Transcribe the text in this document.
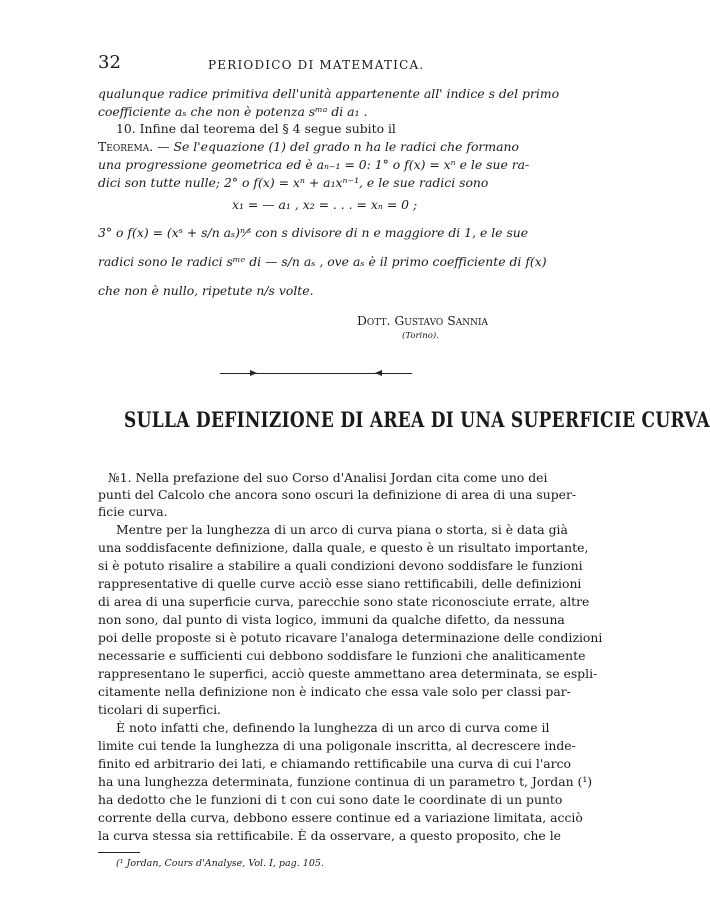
32	PERIODICO DI MATEMATICA.
qualunque radice primitiva dell'unità appartenente all' indice s del primo
coefficiente aₛ che non è potenza sᵐᵃ di a₁ .
10. Infine dal teorema del § 4 segue subito il
Teorema. — Se l'equazione (1) del grado n ha le radici che formano
una progressione geometrica ed è aₙ₋₁ = 0: 1° o f(x) = xⁿ e le sue ra-
dici son tutte nulle; 2° o f(x) = xⁿ + a₁xⁿ⁻¹, e le sue radici sono
x₁ = — a₁ , x₂ = . . . = xₙ = 0 ;
3° o f(x) = (xˢ + s/n aₛ)ⁿ⁄ˢ con s divisore di n e maggiore di 1, e le sue
radici sono le radici sᵐᵉ di — s/n aₛ , ove aₛ è il primo coefficiente di f(x)
che non è nullo, ripetute n/s volte.
Dott. Gustavo Sannia
(Torino).
SULLA DEFINIZIONE DI AREA DI UNA SUPERFICIE CURVA
№1. Nella prefazione del suo Corso d'Analisi Jordan cita come uno dei
punti del Calcolo che ancora sono oscuri la definizione di area di una super-
ficie curva.
Mentre per la lunghezza di un arco di curva piana o storta, si è data già
una soddisfacente definizione, dalla quale, e questo è un risultato importante,
si è potuto risalire a stabilire a quali condizioni devono soddisfare le funzioni
rappresentative di quelle curve acciò esse siano rettificabili, delle definizioni
di area di una superficie curva, parecchie sono state riconosciute errate, altre
non sono, dal punto di vista logico, immuni da qualche difetto, da nessuna
poi delle proposte si è potuto ricavare l'analoga determinazione delle condizioni
necessarie e sufficienti cui debbono soddisfare le funzioni che analiticamente
rappresentano le superfici, acciò queste ammettano area determinata, se espli-
citamente nella definizione non è indicato che essa vale solo per classi par-
ticolari di superfici.
È noto infatti che, definendo la lunghezza di un arco di curva come il
limite cui tende la lunghezza di una poligonale inscritta, al decrescere inde-
finito ed arbitrario dei lati, e chiamando rettificabile una curva di cui l'arco
ha una lunghezza determinata, funzione continua di un parametro t, Jordan (¹)
ha dedotto che le funzioni di t con cui sono date le coordinate di un punto
corrente della curva, debbono essere continue ed a variazione limitata, acciò
la curva stessa sia rettificabile. È da osservare, a questo proposito, che le
(¹ Jordan, Cours d'Analyse, Vol. I, pag. 105.
